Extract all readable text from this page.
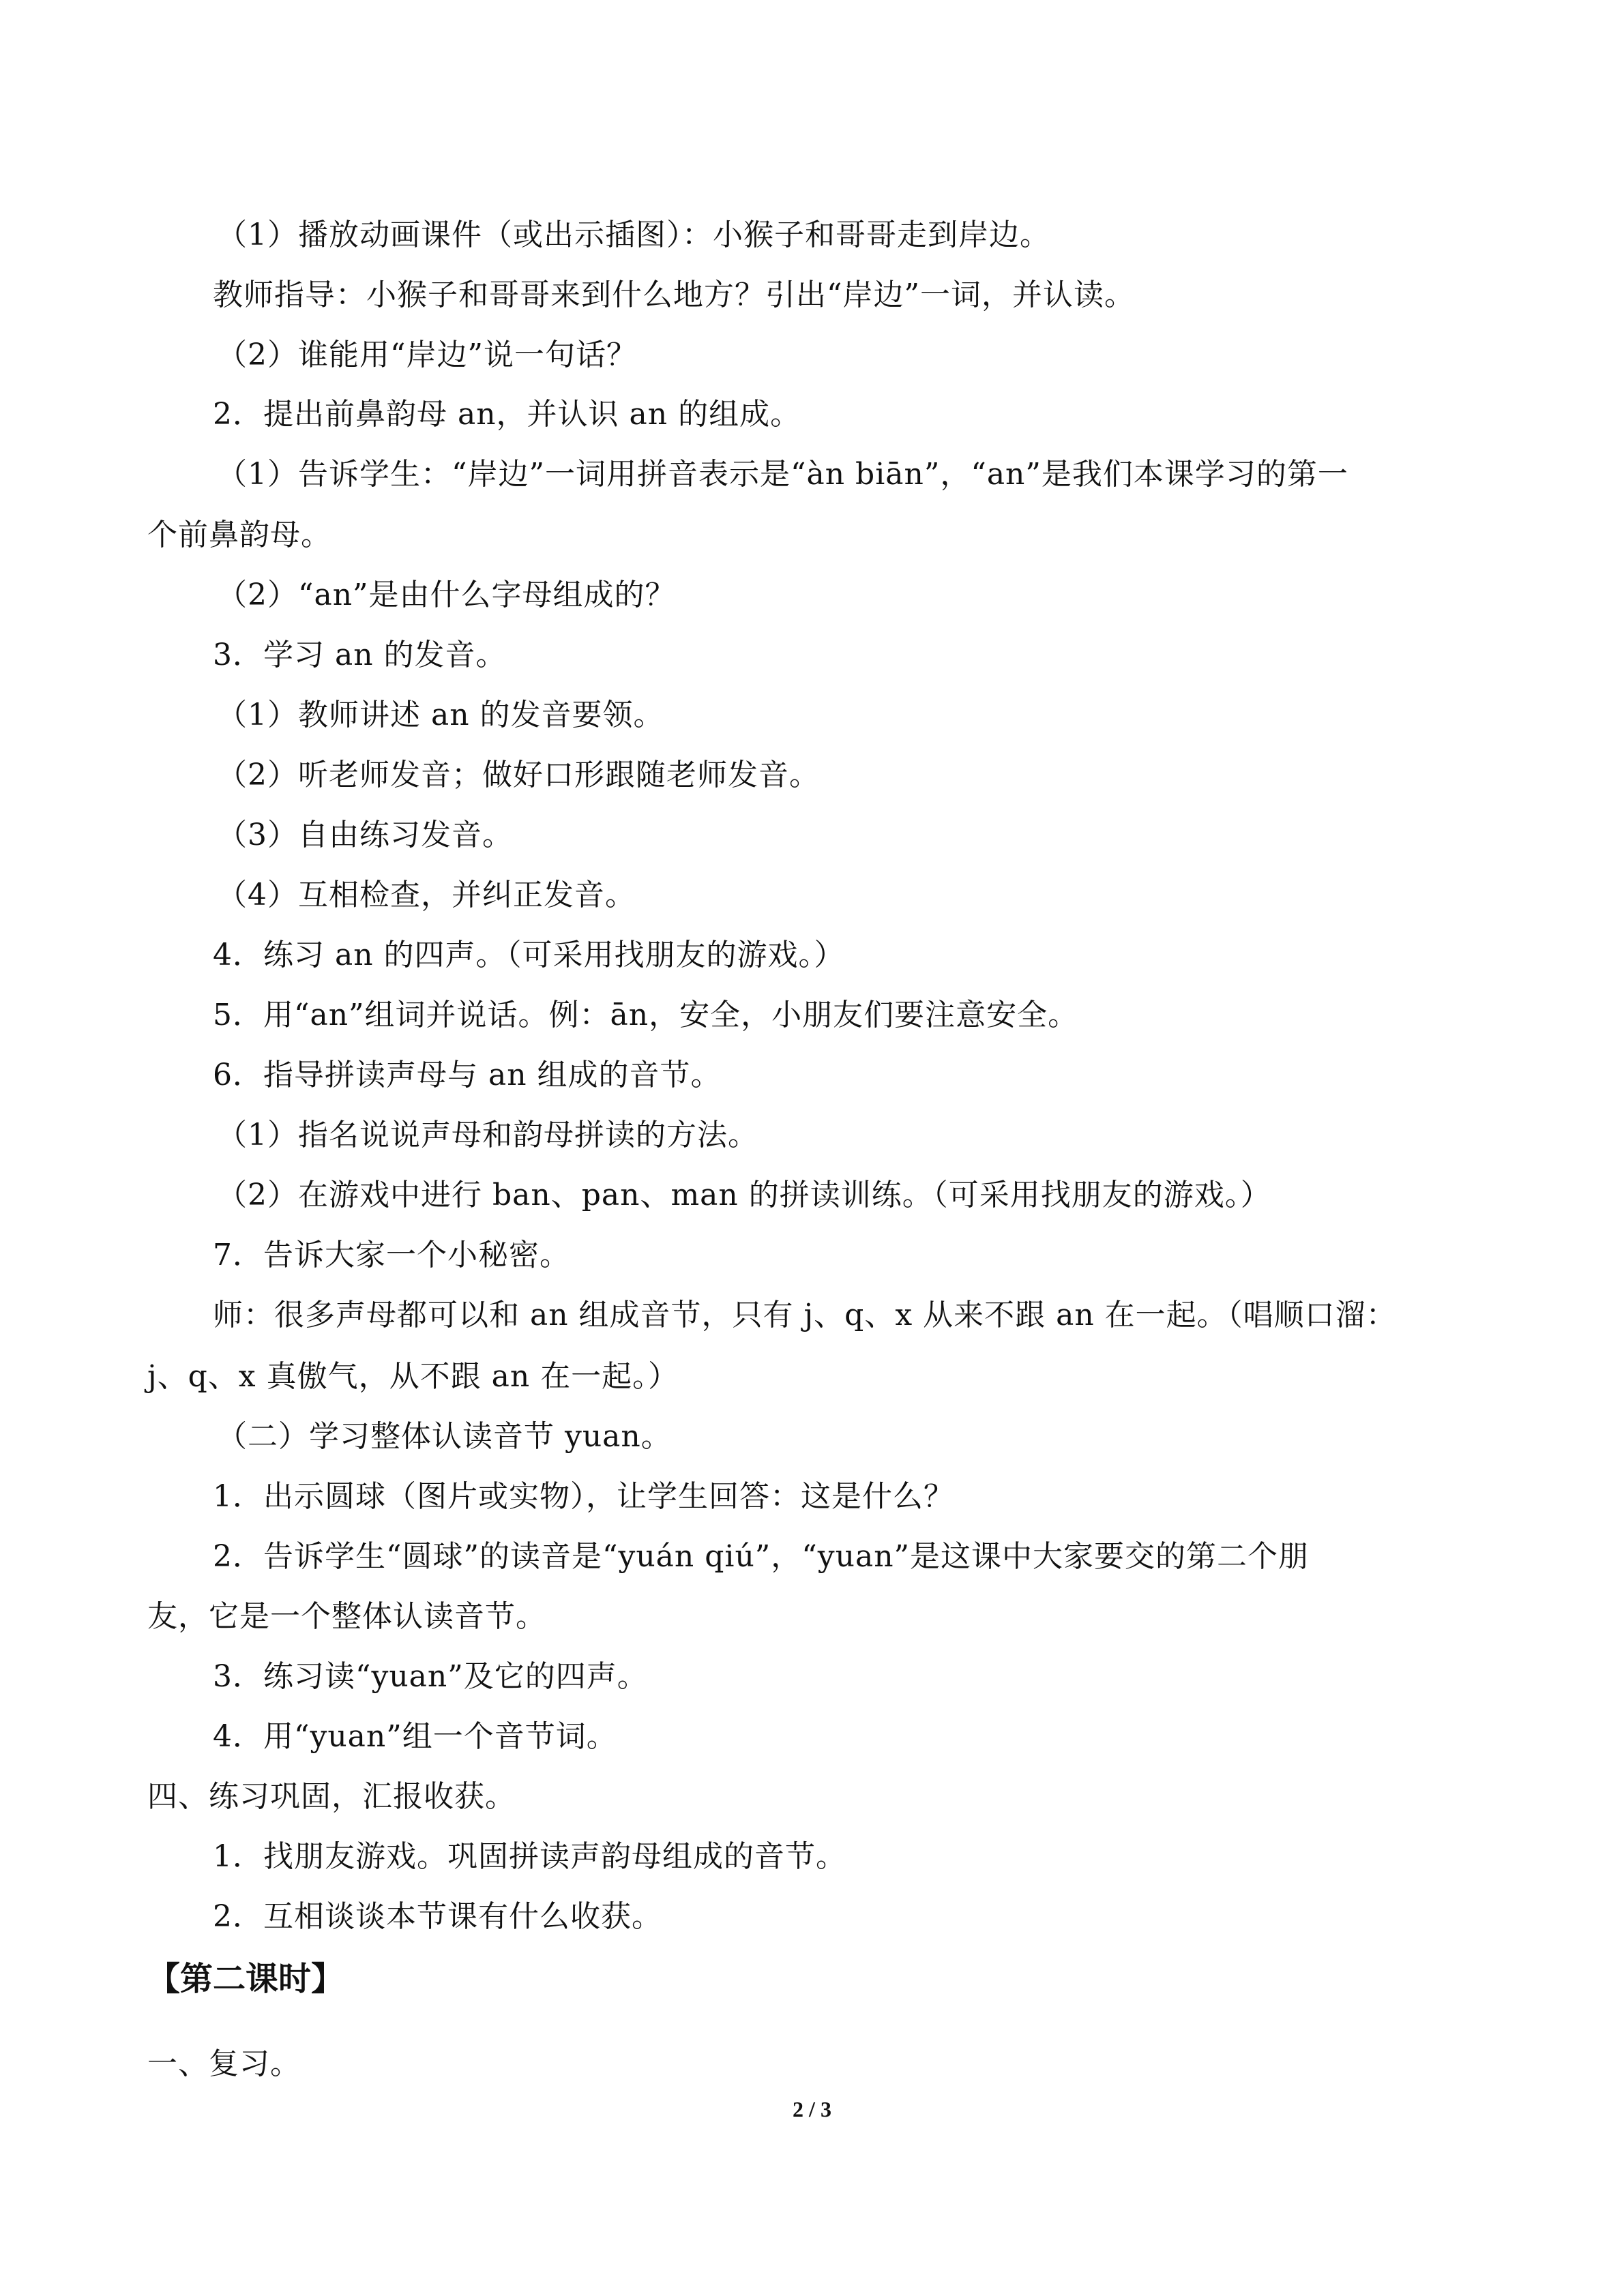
（1）播放动画课件（或出示插图）：小猴子和哥哥走到岸边。
教师指导：小猴子和哥哥来到什么地方？引出“岸边”一词，并认读。
（2）谁能用“岸边”说一句话？
2．提出前鼻韵母 an，并认识 an 的组成。
（1）告诉学生：“岸边”一词用拼音表示是“àn biān”，“an”是我们本课学习的第一
个前鼻韵母。
（2）“an”是由什么字母组成的？
3．学习 an 的发音。
（1）教师讲述 an 的发音要领。
（2）听老师发音；做好口形跟随老师发音。
（3）自由练习发音。
（4）互相检查，并纠正发音。
4．练习 an 的四声。（可采用找朋友的游戏。）
5．用“an”组词并说话。例：ān，安全，小朋友们要注意安全。
6．指导拼读声母与 an 组成的音节。
（1）指名说说声母和韵母拼读的方法。
（2）在游戏中进行 ban、pan、man 的拼读训练。（可采用找朋友的游戏。）
7．告诉大家一个小秘密。
师：很多声母都可以和 an 组成音节，只有 j、q、x 从来不跟 an 在一起。（唱顺口溜：
j、q、x 真傲气，从不跟 an 在一起。）
（二）学习整体认读音节 yuan。
1．出示圆球（图片或实物），让学生回答：这是什么？
2．告诉学生“圆球”的读音是“yuán qiú”，“yuan”是这课中大家要交的第二个朋
友，它是一个整体认读音节。
3．练习读“yuan”及它的四声。
4．用“yuan”组一个音节词。
四、练习巩固，汇报收获。
1．找朋友游戏。巩固拼读声韵母组成的音节。
2．互相谈谈本节课有什么收获。
【第二课时】
一、复习。
2 / 3
